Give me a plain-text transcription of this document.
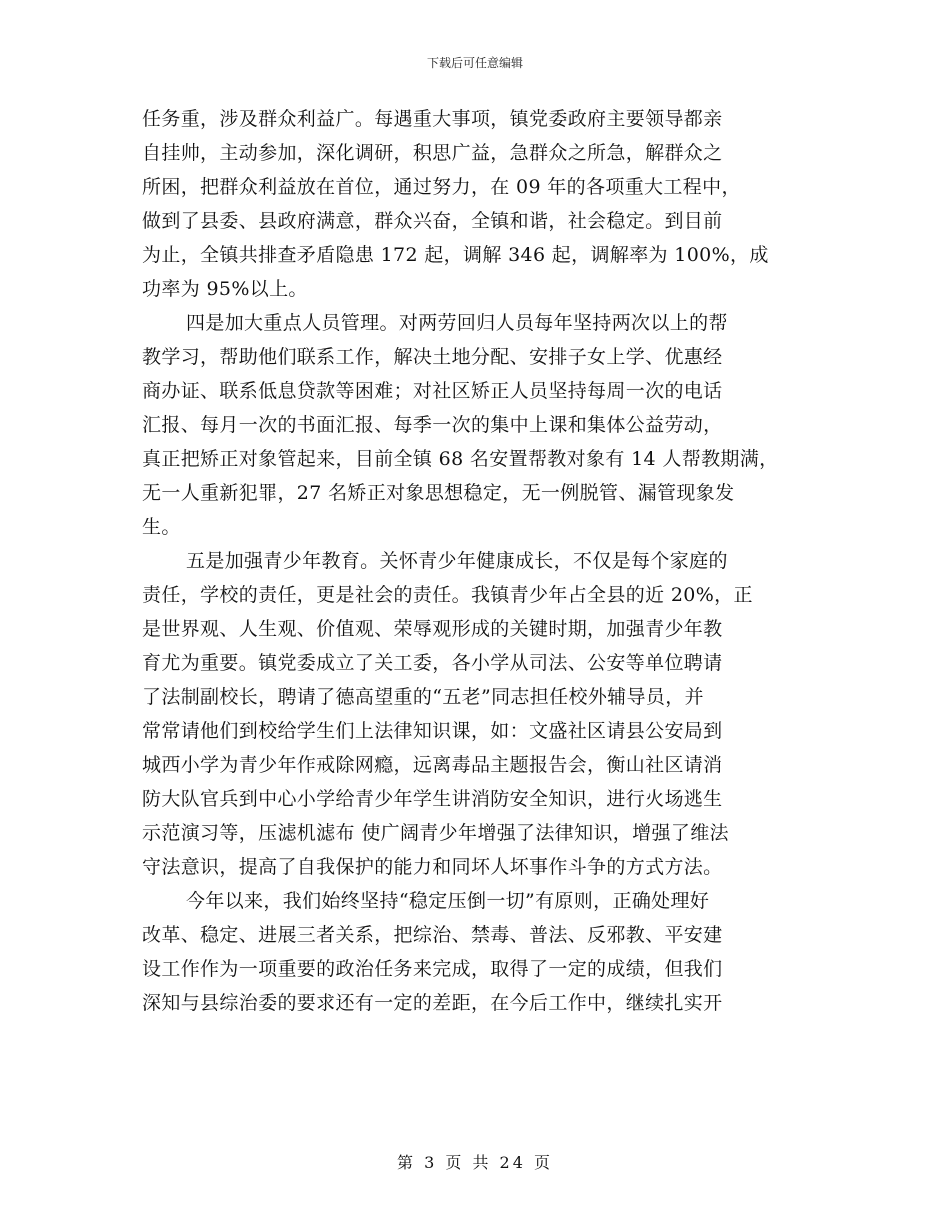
下载后可任意编辑
任务重，涉及群众利益广。每遇重大事项，镇党委政府主要领导都亲
自挂帅，主动参加，深化调研，积思广益，急群众之所急，解群众之
所困，把群众利益放在首位，通过努力，在 09 年的各项重大工程中，
做到了县委、县政府满意，群众兴奋，全镇和谐，社会稳定。到目前
为止，全镇共排查矛盾隐患 172 起，调解 346 起，调解率为 100%，成
功率为 95%以上。
四是加大重点人员管理。对两劳回归人员每年坚持两次以上的帮
教学习，帮助他们联系工作，解决土地分配、安排子女上学、优惠经
商办证、联系低息贷款等困难；对社区矫正人员坚持每周一次的电话
汇报、每月一次的书面汇报、每季一次的集中上课和集体公益劳动，
真正把矫正对象管起来，目前全镇 68 名安置帮教对象有 14 人帮教期满，
无一人重新犯罪，27 名矫正对象思想稳定，无一例脱管、漏管现象发
生。
五是加强青少年教育。关怀青少年健康成长，不仅是每个家庭的
责任，学校的责任，更是社会的责任。我镇青少年占全县的近 20%，正
是世界观、人生观、价值观、荣辱观形成的关键时期，加强青少年教
育尤为重要。镇党委成立了关工委，各小学从司法、公安等单位聘请
了法制副校长，聘请了德高望重的“五老”同志担任校外辅导员，并
常常请他们到校给学生们上法律知识课，如：文盛社区请县公安局到
城西小学为青少年作戒除网瘾，远离毒品主题报告会，衡山社区请消
防大队官兵到中心小学给青少年学生讲消防安全知识，进行火场逃生
示范演习等，压滤机滤布 使广阔青少年增强了法律知识，增强了维法
守法意识，提高了自我保护的能力和同坏人坏事作斗争的方式方法。
今年以来，我们始终坚持“稳定压倒一切”有原则，正确处理好
改革、稳定、进展三者关系，把综治、禁毒、普法、反邪教、平安建
设工作作为一项重要的政治任务来完成，取得了一定的成绩，但我们
深知与县综治委的要求还有一定的差距，在今后工作中，继续扎实开
第 3 页 共 24 页
